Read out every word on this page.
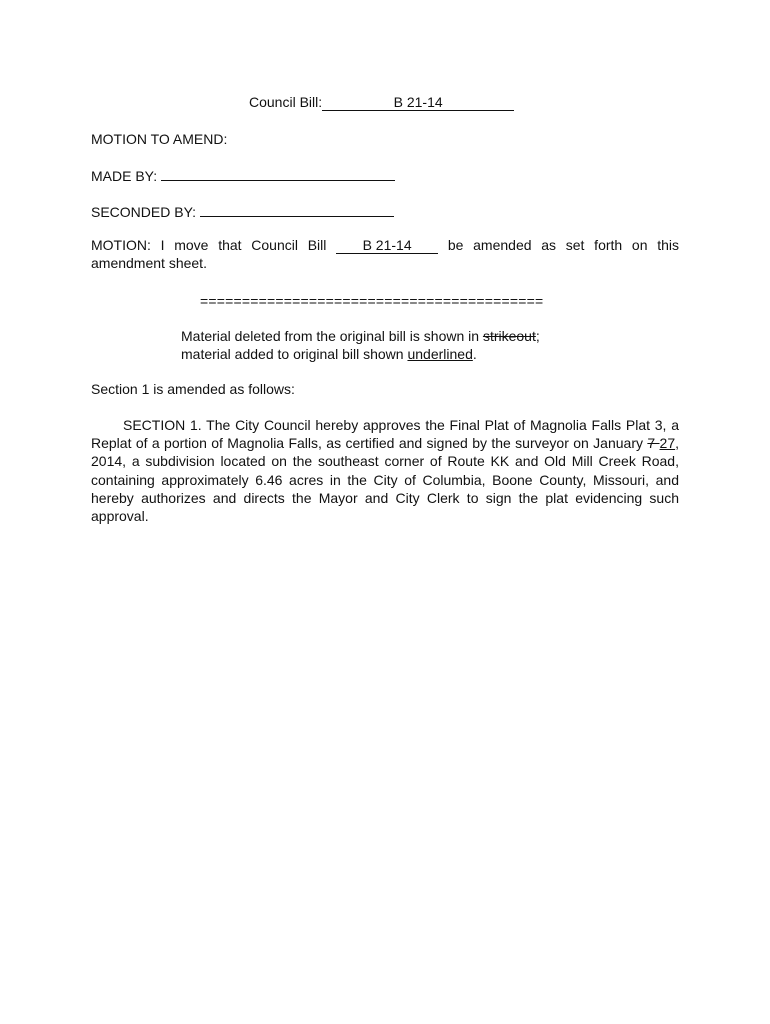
Council Bill:	B 21-14
MOTION TO AMEND:
MADE BY:
SECONDED BY:
MOTION: I move that Council Bill	B 21-14	be amended as set forth on this amendment sheet.
=========================================
Material deleted from the original bill is shown in strikeout;
material added to original bill shown underlined.
Section 1 is amended as follows:
SECTION 1. The City Council hereby approves the Final Plat of Magnolia Falls Plat 3, a Replat of a portion of Magnolia Falls, as certified and signed by the surveyor on January 7 27, 2014, a subdivision located on the southeast corner of Route KK and Old Mill Creek Road, containing approximately 6.46 acres in the City of Columbia, Boone County, Missouri, and hereby authorizes and directs the Mayor and City Clerk to sign the plat evidencing such approval.
